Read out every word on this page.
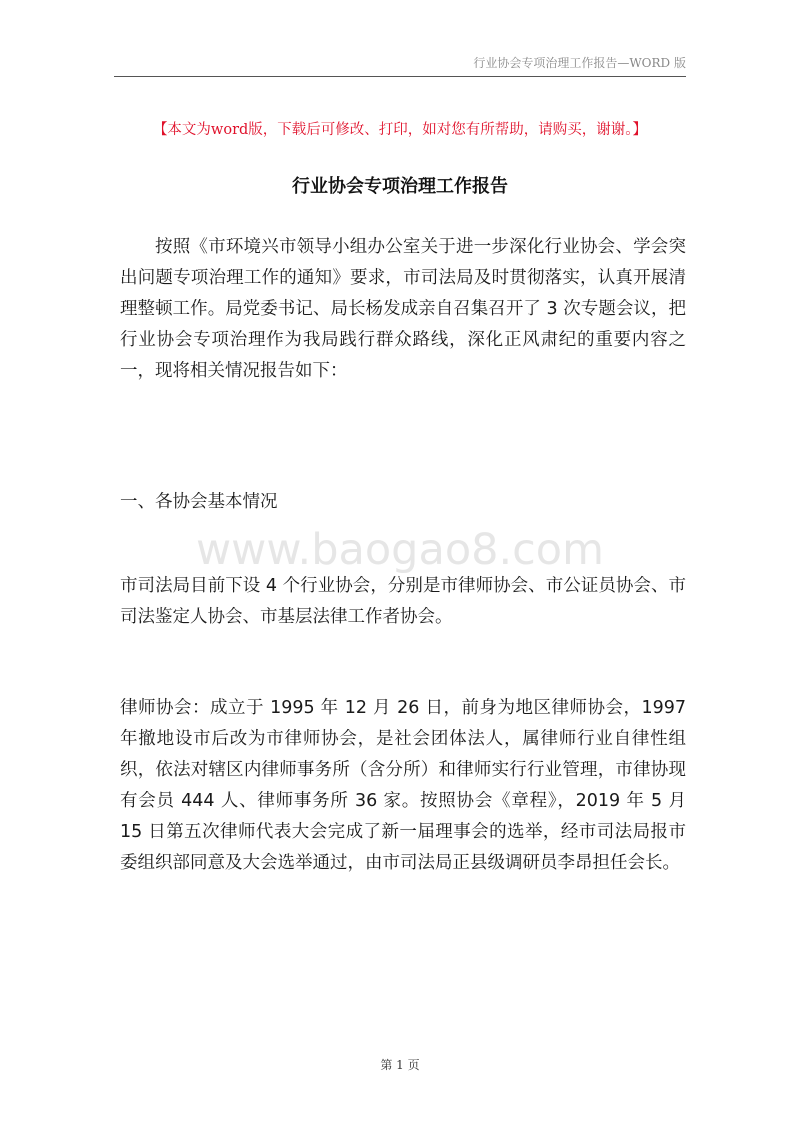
行业协会专项治理工作报告—WORD 版
【本文为word版，下载后可修改、打印，如对您有所帮助，请购买，谢谢。】
行业协会专项治理工作报告
按照《市环境兴市领导小组办公室关于进一步深化行业协会、学会突出问题专项治理工作的通知》要求，市司法局及时贯彻落实，认真开展清理整顿工作。局党委书记、局长杨发成亲自召集召开了 3 次专题会议，把行业协会专项治理作为我局践行群众路线，深化正风肃纪的重要内容之一，现将相关情况报告如下：
一、各协会基本情况
www.baogao8.com
市司法局目前下设 4 个行业协会，分别是市律师协会、市公证员协会、市司法鉴定人协会、市基层法律工作者协会。
律师协会：成立于 1995 年 12 月 26 日，前身为地区律师协会，1997 年撤地设市后改为市律师协会，是社会团体法人，属律师行业自律性组织，依法对辖区内律师事务所（含分所）和律师实行行业管理，市律协现有会员 444 人、律师事务所 36 家。按照协会《章程》，2019 年 5 月 15 日第五次律师代表大会完成了新一届理事会的选举，经市司法局报市委组织部同意及大会选举通过，由市司法局正县级调研员李昂担任会长。
第 1 页
